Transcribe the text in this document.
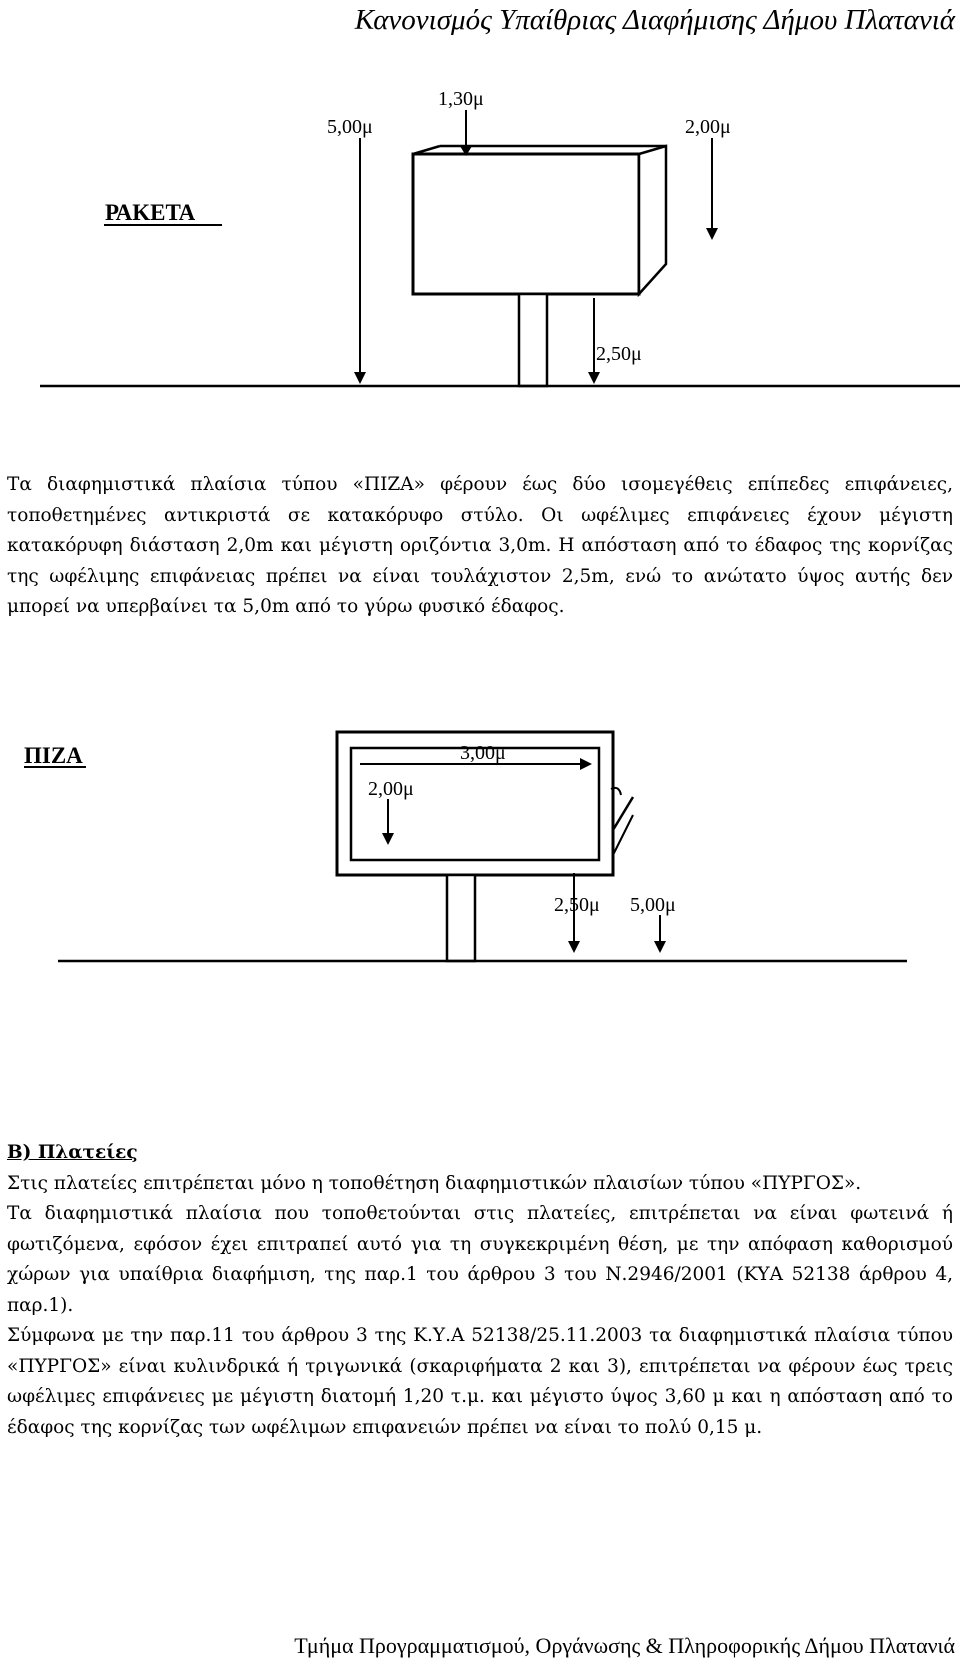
Κανονισμός Υπαίθριας Διαφήμισης Δήμου Πλατανιά
ΡΑΚΕΤΑ
1,30μ
5,00μ	2,00μ
2,50μ

Τα διαφημιστικά πλαίσια τύπου «ΠΙΖΑ» φέρουν έως δύο ισομεγέθεις επίπεδες επιφάνειες, τοποθετημένες αντικριστά σε κατακόρυφο στύλο. Οι ωφέλιμες επιφάνειες έχουν μέγιστη κατακόρυφη διάσταση 2,0m και μέγιστη οριζόντια 3,0m. Η απόσταση από το έδαφος της κορνίζας της ωφέλιμης επιφάνειας πρέπει να είναι τουλάχιστον 2,5m, ενώ το ανώτατο ύψος αυτής δεν μπορεί να υπερβαίνει τα 5,0m από το γύρω φυσικό έδαφος.

ΠΙΖΑ	3,00μ
2,00μ
2,50μ 5,00μ
Β) Πλατείες
Στις πλατείες επιτρέπεται μόνο η τοποθέτηση διαφημιστικών πλαισίων τύπου «ΠΥΡΓΟΣ».
Τα διαφημιστικά πλαίσια που τοποθετούνται στις πλατείες, επιτρέπεται να είναι φωτεινά ή φωτιζόμενα, εφόσον έχει επιτραπεί αυτό για τη συγκεκριμένη θέση, με την απόφαση καθορισμού χώρων για υπαίθρια διαφήμιση, της παρ.1 του άρθρου 3 του Ν.2946/2001 (ΚΥΑ 52138 άρθρου 4, παρ.1).
Σύμφωνα με την παρ.11 του άρθρου 3 της Κ.Υ.Α 52138/25.11.2003 τα διαφημιστικά πλαίσια τύπου «ΠΥΡΓΟΣ» είναι κυλινδρικά ή τριγωνικά (σκαριφήματα 2 και 3), επιτρέπεται να φέρουν έως τρεις ωφέλιμες επιφάνειες με μέγιστη διατομή 1,20 τ.μ. και μέγιστο ύψος 3,60 μ και η απόσταση από το έδαφος της κορνίζας των ωφέλιμων επιφανειών πρέπει να είναι το πολύ 0,15 μ.
Τμήμα Προγραμματισμού, Οργάνωσης & Πληροφορικής Δήμου Πλατανιά
